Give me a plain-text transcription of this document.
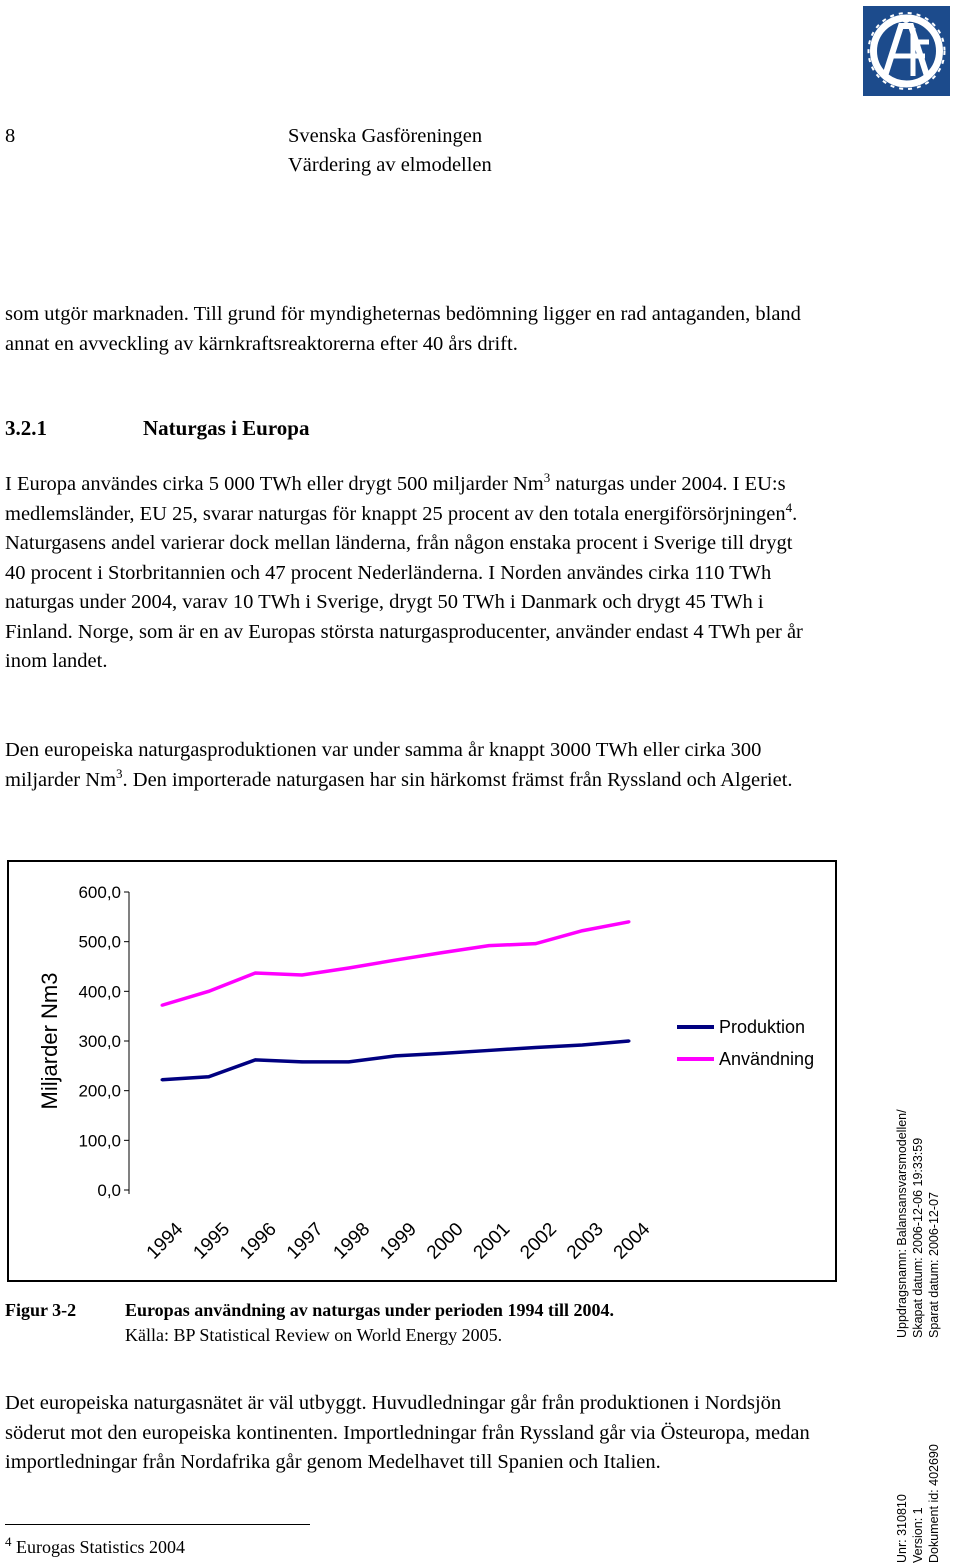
8	Svenska Gasföreningen
Värdering av elmodellen
som utgör marknaden. Till grund för myndigheternas bedömning ligger en rad antaganden, bland annat en avveckling av kärnkraftsreaktorerna efter 40 års drift.
3.2.1	Naturgas i Europa
I Europa användes cirka 5 000 TWh eller drygt 500 miljarder Nm$^3$ naturgas under 2004. I EU:s medlemsländer, EU 25, svarar naturgas för knappt 25 procent av den totala energiförsörjningen$^4$. Naturgasens andel varierar dock mellan länderna, från någon enstaka procent i Sverige till drygt 40 procent i Storbritannien och 47 procent Nederländerna. I Norden användes cirka 110 TWh naturgas under 2004, varav 10 TWh i Sverige, drygt 50 TWh i Danmark och drygt 45 TWh i Finland. Norge, som är en av Europas största naturgasproducenter, använder endast 4 TWh per år inom landet.
Den europeiska naturgasproduktionen var under samma år knappt 3000 TWh eller cirka 300 miljarder Nm$^3$. Den importerade naturgasen har sin härkomst främst från Ryssland och Algeriet.
0,0
100,0
200,0
300,0
400,0
500,0
600,0
Miljarder Nm3
1994 1995 1996 1997 1998 1999 2000 2001 2002 2003 2004
Produktion
Användning
Figur 3-2	Europas användning av naturgas under perioden 1994 till 2004.
Källa: BP Statistical Review on World Energy 2005.
Det europeiska naturgasnätet är väl utbyggt. Huvudledningar går från produktionen i Nordsjön söderut mot den europeiska kontinenten. Importledningar från Ryssland går via Östeuropa, medan importledningar från Nordafrika går genom Medelhavet till Spanien och Italien.
$^4$ Eurogas Statistics 2004
Uppdragsnamn: Balansansvarsmodellen/ Skapat datum: 2006-12-06 19:33:59 Sparat datum: 2006-12-07
Unr: 310810 Version: 1 Dokument id: 402690
